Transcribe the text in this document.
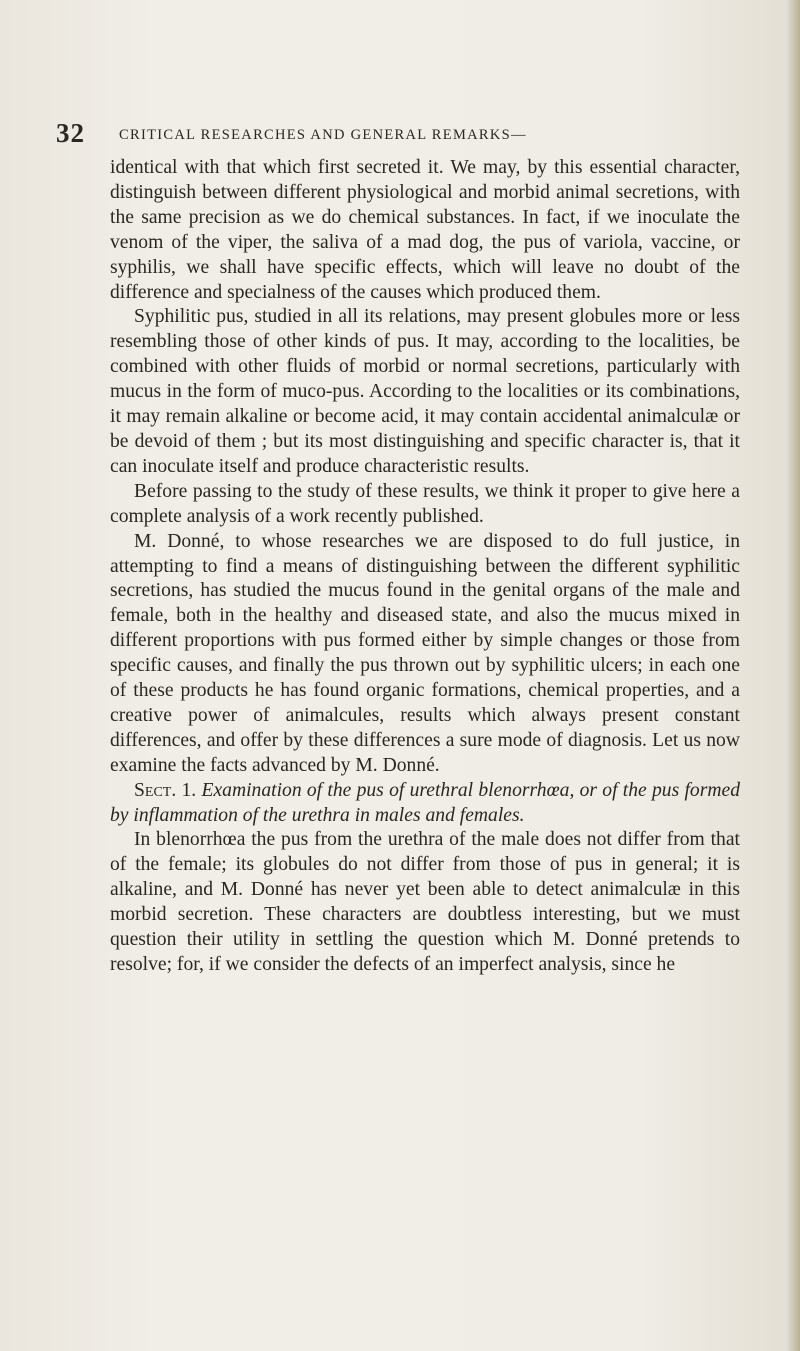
32 CRITICAL RESEARCHES AND GENERAL REMARKS—

identical with that which first secreted it. We may, by this essential character, distinguish between different physiological and morbid animal secretions, with the same precision as we do chemical substances. In fact, if we inoculate the venom of the viper, the saliva of a mad dog, the pus of variola, vaccine, or syphilis, we shall have specific effects, which will leave no doubt of the difference and specialness of the causes which produced them.

Syphilitic pus, studied in all its relations, may present globules more or less resembling those of other kinds of pus. It may, according to the localities, be combined with other fluids of morbid or normal secretions, particularly with mucus in the form of muco-pus. According to the localities or its combinations, it may remain alkaline or become acid, it may contain accidental animalculæ or be devoid of them ; but its most distinguishing and specific character is, that it can inoculate itself and produce characteristic results.

Before passing to the study of these results, we think it proper to give here a complete analysis of a work recently published.

M. Donné, to whose researches we are disposed to do full justice, in attempting to find a means of distinguishing between the different syphilitic secretions, has studied the mucus found in the genital organs of the male and female, both in the healthy and diseased state, and also the mucus mixed in different proportions with pus formed either by simple changes or those from specific causes, and finally the pus thrown out by syphilitic ulcers; in each one of these products he has found organic formations, chemical properties, and a creative power of animalcules, results which always present constant differences, and offer by these differences a sure mode of diagnosis. Let us now examine the facts advanced by M. Donné.

Sect. 1. Examination of the pus of urethral blenorrhœa, or of the pus formed by inflammation of the urethra in males and females.

In blenorrhœa the pus from the urethra of the male does not differ from that of the female; its globules do not differ from those of pus in general; it is alkaline, and M. Donné has never yet been able to detect animalculæ in this morbid secretion. These characters are doubtless interesting, but we must question their utility in settling the question which M. Donné pretends to resolve; for, if we consider the defects of an imperfect analysis, since he
